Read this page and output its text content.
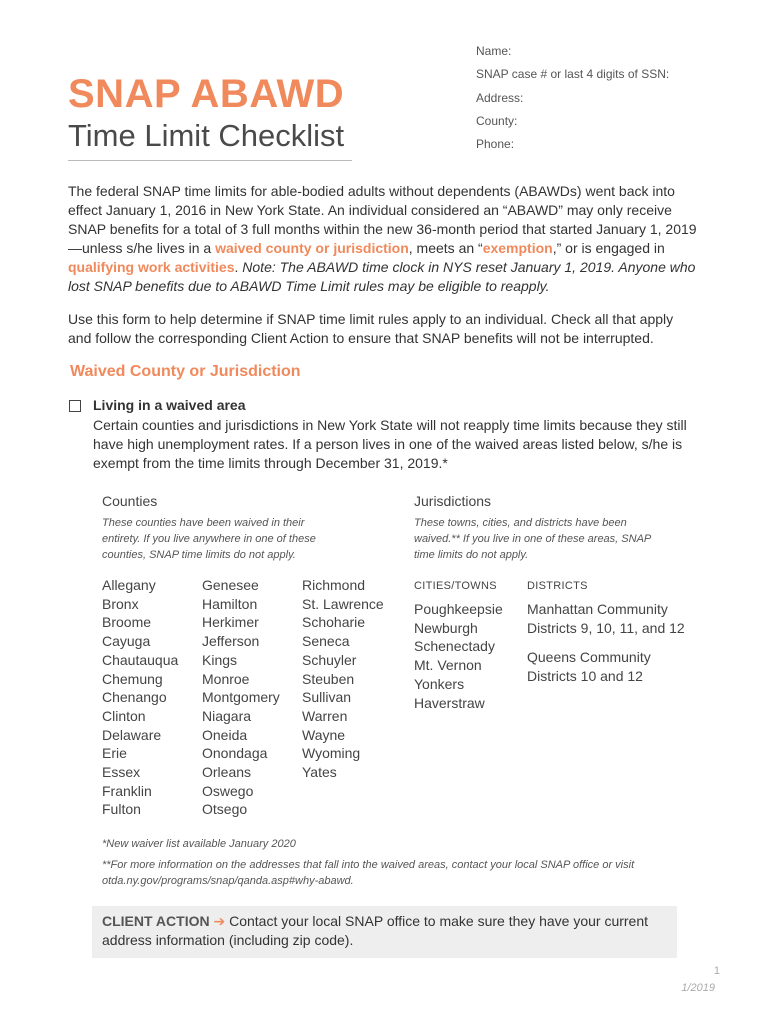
SNAP ABAWD
Time Limit Checklist
Name:
SNAP case # or last 4 digits of SSN:
Address:
County:
Phone:
The federal SNAP time limits for able-bodied adults without dependents (ABAWDs) went back into effect January 1, 2016 in New York State. An individual considered an “ABAWD” may only receive SNAP benefits for a total of 3 full months within the new 36-month period that started January 1, 2019—unless s/he lives in a waived county or jurisdiction, meets an “exemption,” or is engaged in qualifying work activities. Note: The ABAWD time clock in NYS reset January 1, 2019. Anyone who lost SNAP benefits due to ABAWD Time Limit rules may be eligible to reapply.
Use this form to help determine if SNAP time limit rules apply to an individual. Check all that apply and follow the corresponding Client Action to ensure that SNAP benefits will not be interrupted.
Waived County or Jurisdiction
Living in a waived area
Certain counties and jurisdictions in New York State will not reapply time limits because they still have high unemployment rates. If a person lives in one of the waived areas listed below, s/he is exempt from the time limits through December 31, 2019.*
Counties
These counties have been waived in their entirety. If you live anywhere in one of these counties, SNAP time limits do not apply.
Allegany
Bronx
Broome
Cayuga
Chautauqua
Chemung
Chenango
Clinton
Delaware
Erie
Essex
Franklin
Fulton
Genesee
Hamilton
Herkimer
Jefferson
Kings
Monroe
Montgomery
Niagara
Oneida
Onondaga
Orleans
Oswego
Otsego
Richmond
St. Lawrence
Schoharie
Seneca
Schuyler
Steuben
Sullivan
Warren
Wayne
Wyoming
Yates
Jurisdictions
These towns, cities, and districts have been waived.** If you live in one of these areas, SNAP time limits do not apply.
CITIES/TOWNS	DISTRICTS
Poughkeepsie
Newburgh
Schenectady
Mt. Vernon
Yonkers
Haverstraw
Manhattan Community Districts 9, 10, 11, and 12
Queens Community Districts 10 and 12
*New waiver list available January 2020
**For more information on the addresses that fall into the waived areas, contact your local SNAP office or visit otda.ny.gov/programs/snap/qanda.asp#why-abawd.
CLIENT ACTION ➔ Contact your local SNAP office to make sure they have your current address information (including zip code).
1
1/2019
